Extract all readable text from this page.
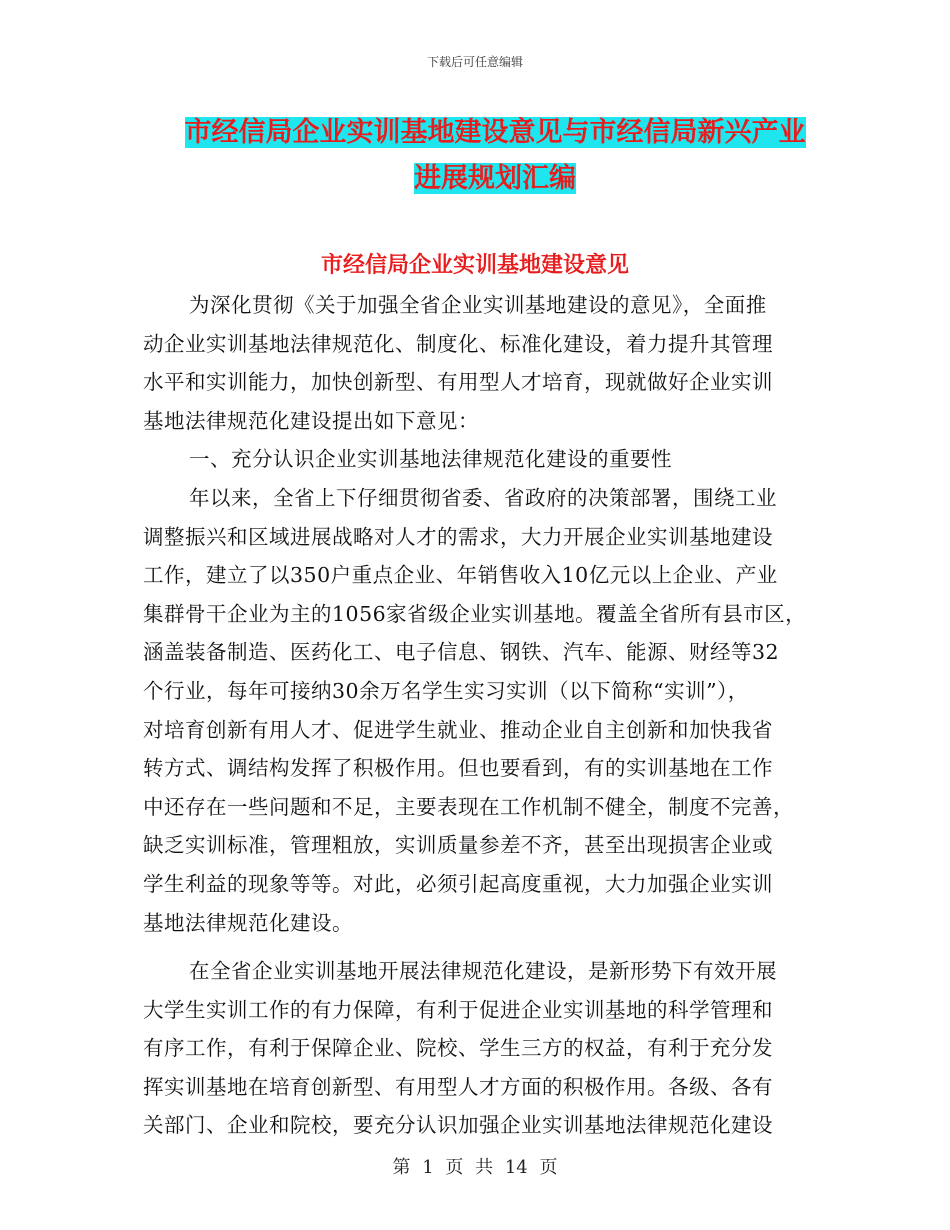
下载后可任意编辑
市经信局企业实训基地建设意见与市经信局新兴产业
进展规划汇编
市经信局企业实训基地建设意见
为深化贯彻《关于加强全省企业实训基地建设的意见》，全面推
动企业实训基地法律规范化、制度化、标准化建设，着力提升其管理
水平和实训能力，加快创新型、有用型人才培育，现就做好企业实训
基地法律规范化建设提出如下意见：
一、充分认识企业实训基地法律规范化建设的重要性
年以来，全省上下仔细贯彻省委、省政府的决策部署，围绕工业
调整振兴和区域进展战略对人才的需求，大力开展企业实训基地建设
工作，建立了以350户重点企业、年销售收入10亿元以上企业、产业
集群骨干企业为主的1056家省级企业实训基地。覆盖全省所有县市区，
涵盖装备制造、医药化工、电子信息、钢铁、汽车、能源、财经等32
个行业，每年可接纳30余万名学生实习实训（以下简称“实训”），
对培育创新有用人才、促进学生就业、推动企业自主创新和加快我省
转方式、调结构发挥了积极作用。但也要看到，有的实训基地在工作
中还存在一些问题和不足，主要表现在工作机制不健全，制度不完善，
缺乏实训标准，管理粗放，实训质量参差不齐，甚至出现损害企业或
学生利益的现象等等。对此，必须引起高度重视，大力加强企业实训
基地法律规范化建设。
在全省企业实训基地开展法律规范化建设，是新形势下有效开展
大学生实训工作的有力保障，有利于促进企业实训基地的科学管理和
有序工作，有利于保障企业、院校、学生三方的权益，有利于充分发
挥实训基地在培育创新型、有用型人才方面的积极作用。各级、各有
关部门、企业和院校，要充分认识加强企业实训基地法律规范化建设
第 1 页 共 14 页
